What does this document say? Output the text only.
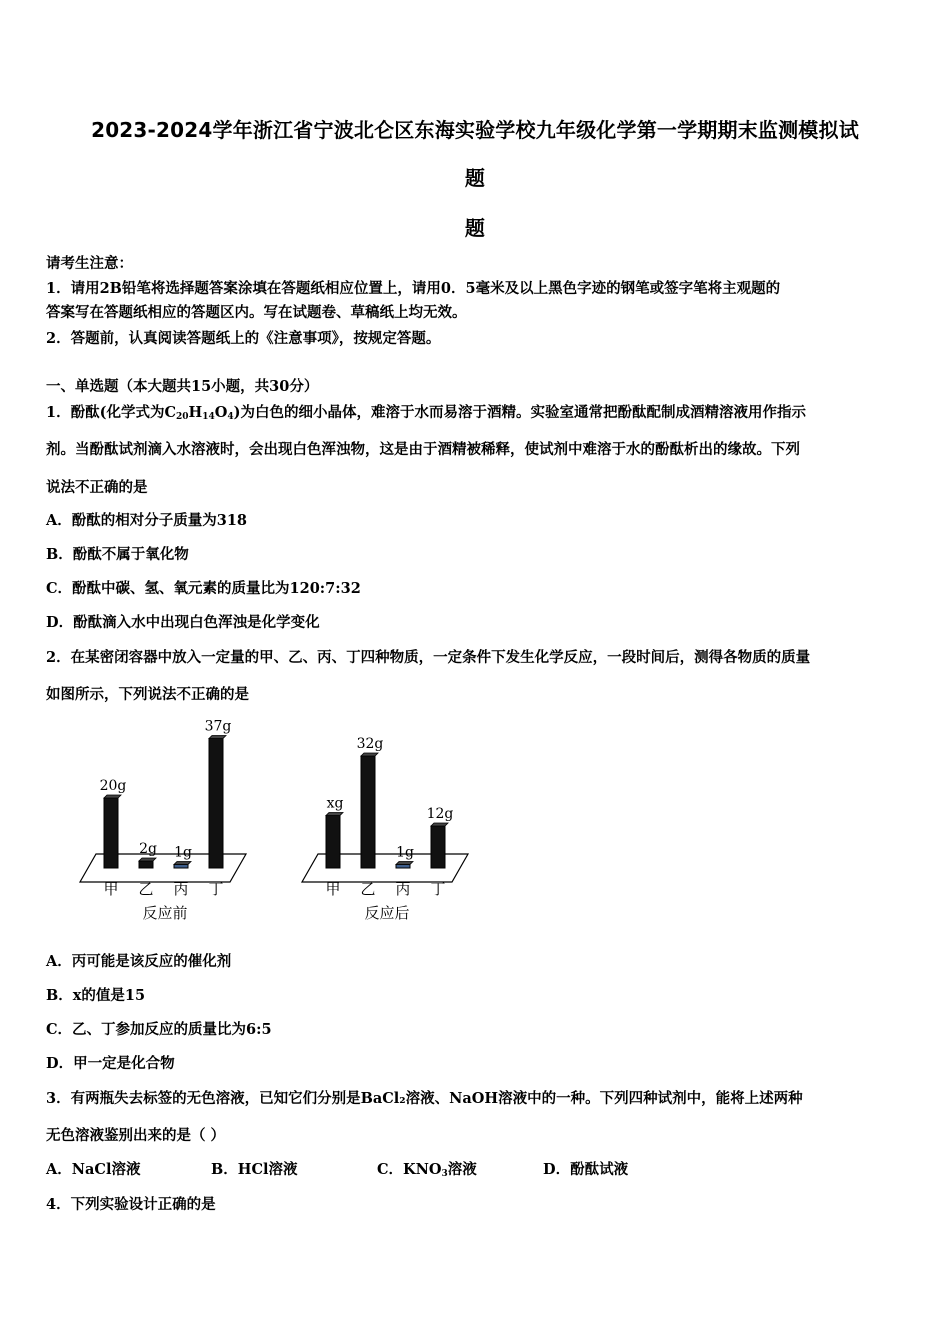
2023-2024学年浙江省宁波北仑区东海实验学校九年级化学第一学期期末监测模拟试
题
题
请考生注意：
1．请用2B铅笔将选择题答案涂填在答题纸相应位置上，请用0．5毫米及以上黑色字迹的钢笔或签字笔将主观题的
答案写在答题纸相应的答题区内。写在试题卷、草稿纸上均无效。
2．答题前，认真阅读答题纸上的《注意事项》，按规定答题。
一、单选题（本大题共15小题，共30分）
1．酚酞(化学式为$C_{20}H_{14}O_4$)为白色的细小晶体，难溶于水而易溶于酒精。实验室通常把酚酞配制成酒精溶液用作指示
剂。当酚酞试剂滴入水溶液时，会出现白色浑浊物，这是由于酒精被稀释，使试剂中难溶于水的酚酞析出的缘故。下列
说法不正确的是
A．酚酞的相对分子质量为318
B．酚酞不属于氧化物
C．酚酞中碳、氢、氧元素的质量比为120:7:32
D．酚酞滴入水中出现白色浑浊是化学变化
2．在某密闭容器中放入一定量的甲、乙、丙、丁四种物质，一定条件下发生化学反应，一段时间后，测得各物质的质量
如图所示，下列说法不正确的是
20g
甲
2g
乙
1g
丙
37g
丁
反应前
xg
甲
32g
乙
1g
丙
12g
丁
反应后
A．丙可能是该反应的催化剂
B．x的值是15
C．乙、丁参加反应的质量比为6:5
D．甲一定是化合物
3．有两瓶失去标签的无色溶液，已知它们分别是BaCl₂溶液、NaOH溶液中的一种。下列四种试剂中，能将上述两种
无色溶液鉴别出来的是（ ）
A．NaCl溶液	B．HCl溶液	C．$KNO_3$溶液	D．酚酞试液
4．下列实验设计正确的是
